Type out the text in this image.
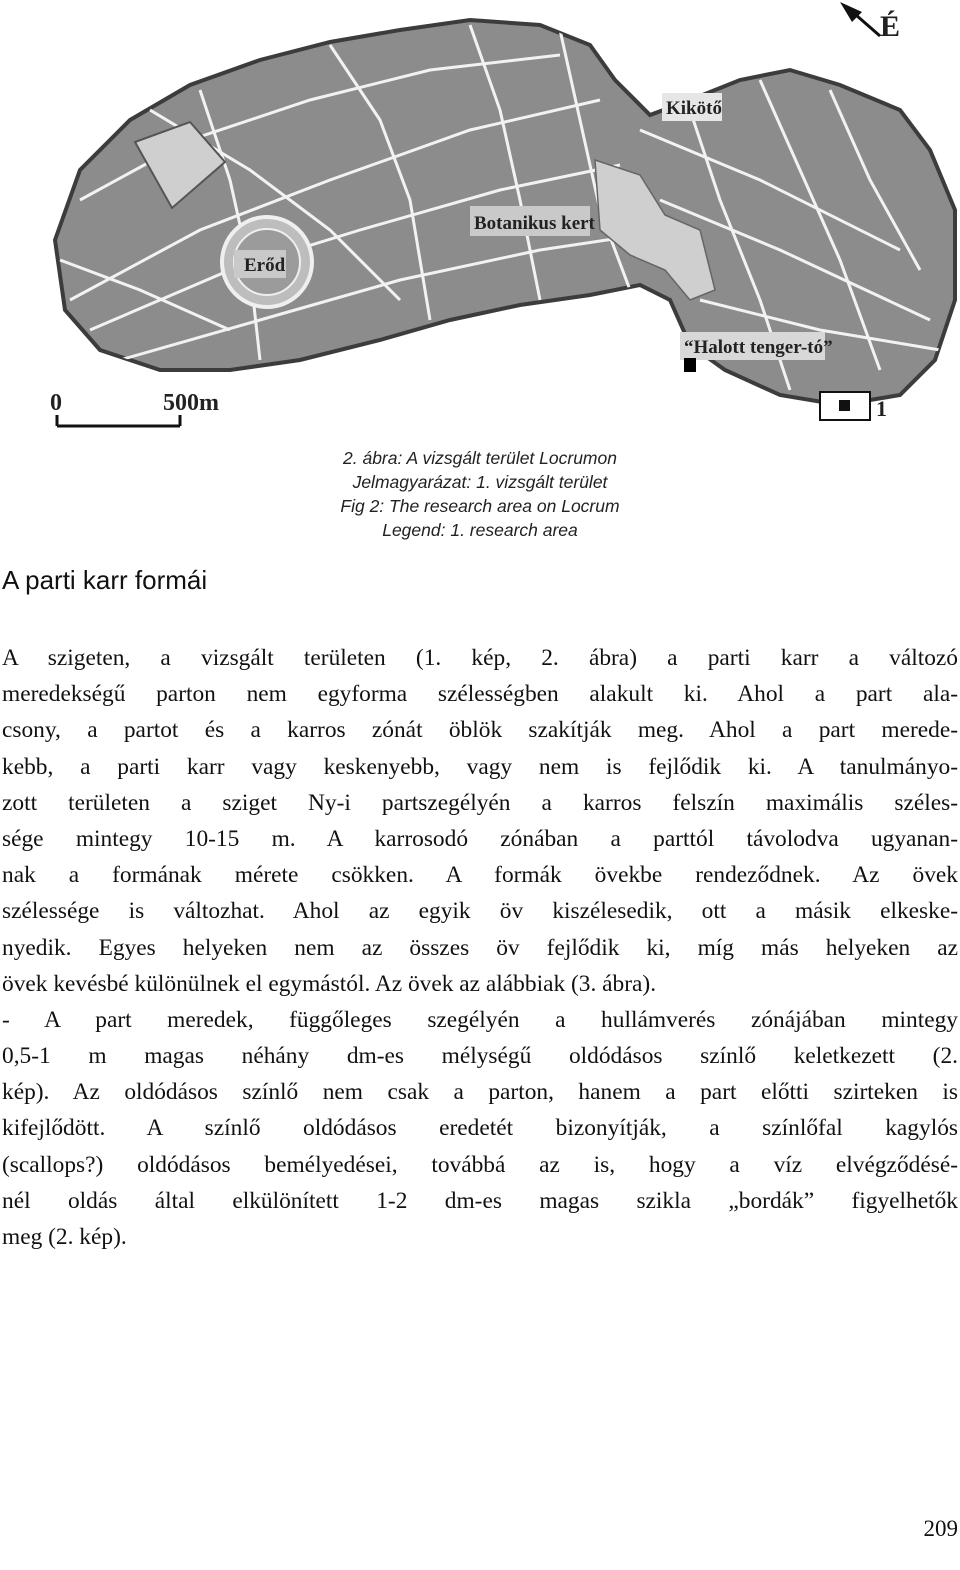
Kikötő
Botanikus kert
Erőd
“Halott tenger-tó”
É
0	500m	1
2. ábra: A vizsgált terület Locrumon
Jelmagyarázat: 1. vizsgált terület
Fig 2: The research area on Locrum
Legend: 1. research area
A parti karr formái
A szigeten, a vizsgált területen (1. kép, 2. ábra) a parti karr a változó
meredekségű parton nem egyforma szélességben alakult ki. Ahol a part ala-
csony, a partot és a karros zónát öblök szakítják meg. Ahol a part merede-
kebb, a parti karr vagy keskenyebb, vagy nem is fejlődik ki. A tanulmányo-
zott területen a sziget Ny-i partszegélyén a karros felszín maximális széles-
sége mintegy 10-15 m. A karrosodó zónában a parttól távolodva ugyanan-
nak a formának mérete csökken. A formák övekbe rendeződnek. Az övek
szélessége is változhat. Ahol az egyik öv kiszélesedik, ott a másik elkeske-
nyedik. Egyes helyeken nem az összes öv fejlődik ki, míg más helyeken az
övek kevésbé különülnek el egymástól. Az övek az alábbiak (3. ábra).
- A part meredek, függőleges szegélyén a hullámverés zónájában mintegy
0,5-1 m magas néhány dm-es mélységű oldódásos színlő keletkezett (2.
kép). Az oldódásos színlő nem csak a parton, hanem a part előtti szirteken is
kifejlődött. A színlő oldódásos eredetét bizonyítják, a színlőfal kagylós
(scallops?) oldódásos bemélyedései, továbbá az is, hogy a víz elvégződésé-
nél oldás által elkülönített 1-2 dm-es magas szikla „bordák” figyelhetők
meg (2. kép).
209
